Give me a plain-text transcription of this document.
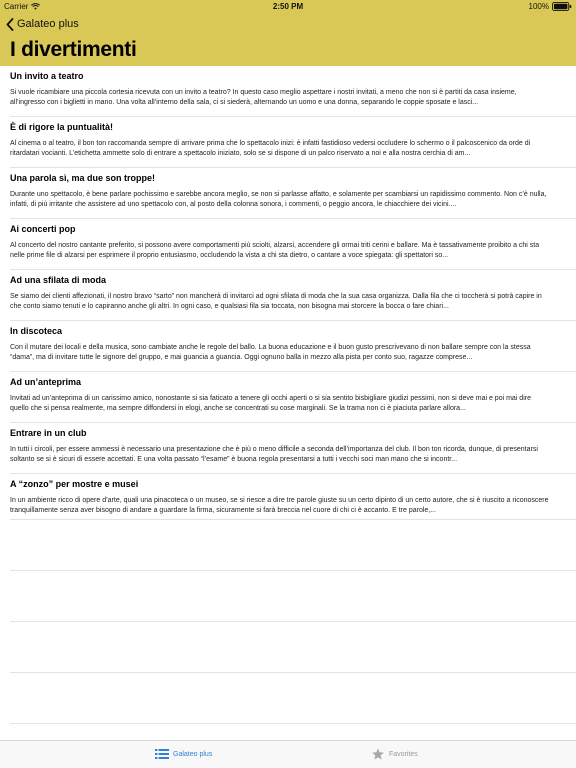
Carrier	2:50 PM	100%
Galateo plus
I divertimenti
Un invito a teatro
Si vuole ricambiare una piccola cortesia ricevuta con un invito a teatro? In questo caso meglio aspettare i nostri invitati, a meno che non si è partiti da casa insieme, all’ingresso con i biglietti in mano. Una volta all’interno della sala, ci si siederà, alternando un uomo e una donna, separando le coppie sposate e lasci...
È di rigore la puntualità!
Al cinema o al teatro, il bon ton raccomanda sempre di arrivare prima che lo spettacolo inizi: è infatti fastidioso vedersi occludere lo schermo o il palcoscenico da orde di ritardatari vocianti. L’etichetta ammette solo di entrare a spettacolo iniziato, solo se si dispone di un palco riservato a noi e alla nostra cerchia di am...
Una parola sì, ma due son troppe!
Durante uno spettacolo, è bene parlare pochissimo e sarebbe ancora meglio, se non si parlasse affatto, e solamente per scambiarsi un rapidissimo commento. Non c’è nulla, infatti, di più irritante che assistere ad uno spettacolo con, al posto della colonna sonora, i commenti, o peggio ancora, le chiacchiere dei vicini....
Ai concerti pop
Al concerto del nostro cantante preferito, si possono avere comportamenti più sciolti, alzarsi, accendere gli ormai triti cerini e ballare. Ma è tassativamente proibito a chi sta nelle prime file di alzarsi per esprimere il proprio entusiasmo, occludendo la vista a chi sta dietro, o cantare a voce spiegata: gli spettatori so...
Ad una sfilata di moda
Se siamo dei clienti affezionati, il nostro bravo “sarto” non mancherà di invitarci ad ogni sfilata di moda che la sua casa organizza. Dalla fila che ci toccherà si potrà capire in che conto siamo tenuti e lo capiranno anche gli altri. In ogni caso, e qualsiasi fila sia toccata, non bisogna mai storcere la bocca o fare chiari...
In discoteca
Con il mutare dei locali e della musica, sono cambiate anche le regole del ballo. La buona educazione e il buon gusto prescrivevano di non ballare sempre con la stessa “dama”, ma di invitare tutte le signore del gruppo, e mai guancia a guancia. Oggi ognuno balla in mezzo alla pista per conto suo, ragazze comprese...
Ad un’anteprima
Invitati ad un’anteprima di un carissimo amico, nonostante si sia faticato a tenere gli occhi aperti o si sia sentito bisbigliare giudizi pessimi, non si deve mai e poi mai dire quello che si pensa realmente, ma sempre diffondersi in elogi, anche se concentrati su cose marginali. Se la trama non ci è piaciuta parlare allora...
Entrare in un club
In tutti i circoli, per essere ammessi è necessario una presentazione che è più o meno difficile a seconda dell’importanza del club. Il bon ton ricorda, dunque, di presentarsi soltanto se si è sicuri di essere accettati. E una volta passato “l’esame” è buona regola presentarsi a tutti i vecchi soci man mano che si incontr...
A “zonzo” per mostre e musei
In un ambiente ricco di opere d’arte, quali una pinacoteca o un museo, se si riesce a dire tre parole giuste su un certo dipinto di un certo autore, che si è riuscito a riconoscere tranquillamente senza aver bisogno di andare a guardare la firma, sicuramente si farà breccia nel cuore di chi ci è accanto. E tre parole,...
Galateo plus	Favorites
